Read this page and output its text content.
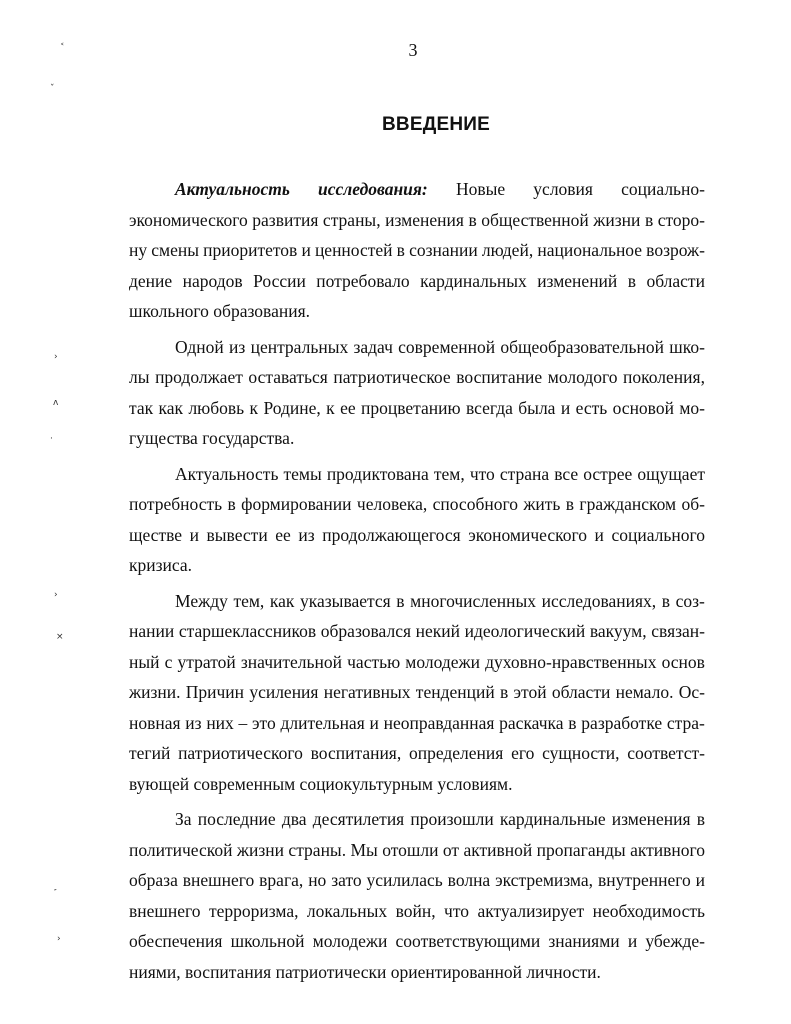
3
ВВЕДЕНИЕ
Актуальность исследования: Новые условия социально-
экономического развития страны, изменения в общественной жизни в сторо-
ну смены приоритетов и ценностей в сознании людей, национальное возрож-
дение народов России потребовало кардинальных изменений в области
школьного образования.
Одной из центральных задач современной общеобразовательной шко-
лы продолжает оставаться патриотическое воспитание молодого поколения,
так как любовь к Родине, к ее процветанию всегда была и есть основой мо-
гущества государства.
Актуальность темы продиктована тем, что страна все острее ощущает
потребность в формировании человека, способного жить в гражданском об-
ществе и вывести ее из продолжающегося экономического и социального
кризиса.
Между тем, как указывается в многочисленных исследованиях, в соз-
нании старшеклассников образовался некий идеологический вакуум, связан-
ный с утратой значительной частью молодежи духовно-нравственных основ
жизни. Причин усиления негативных тенденций в этой области немало. Ос-
новная из них – это длительная и неоправданная раскачка в разработке стра-
тегий патриотического воспитания, определения его сущности, соответст-
вующей современным социокультурным условиям.
За последние два десятилетия произошли кардинальные изменения в
политической жизни страны. Мы отошли от активной пропаганды активного
образа внешнего врага, но зато усилилась волна экстремизма, внутреннего и
внешнего терроризма, локальных войн, что актуализирует необходимость
обеспечения школьной молодежи соответствующими знаниями и убежде-
ниями, воспитания патриотически ориентированной личности.
˂
ˇ
›
ʌ
·
›
×
˹
›
